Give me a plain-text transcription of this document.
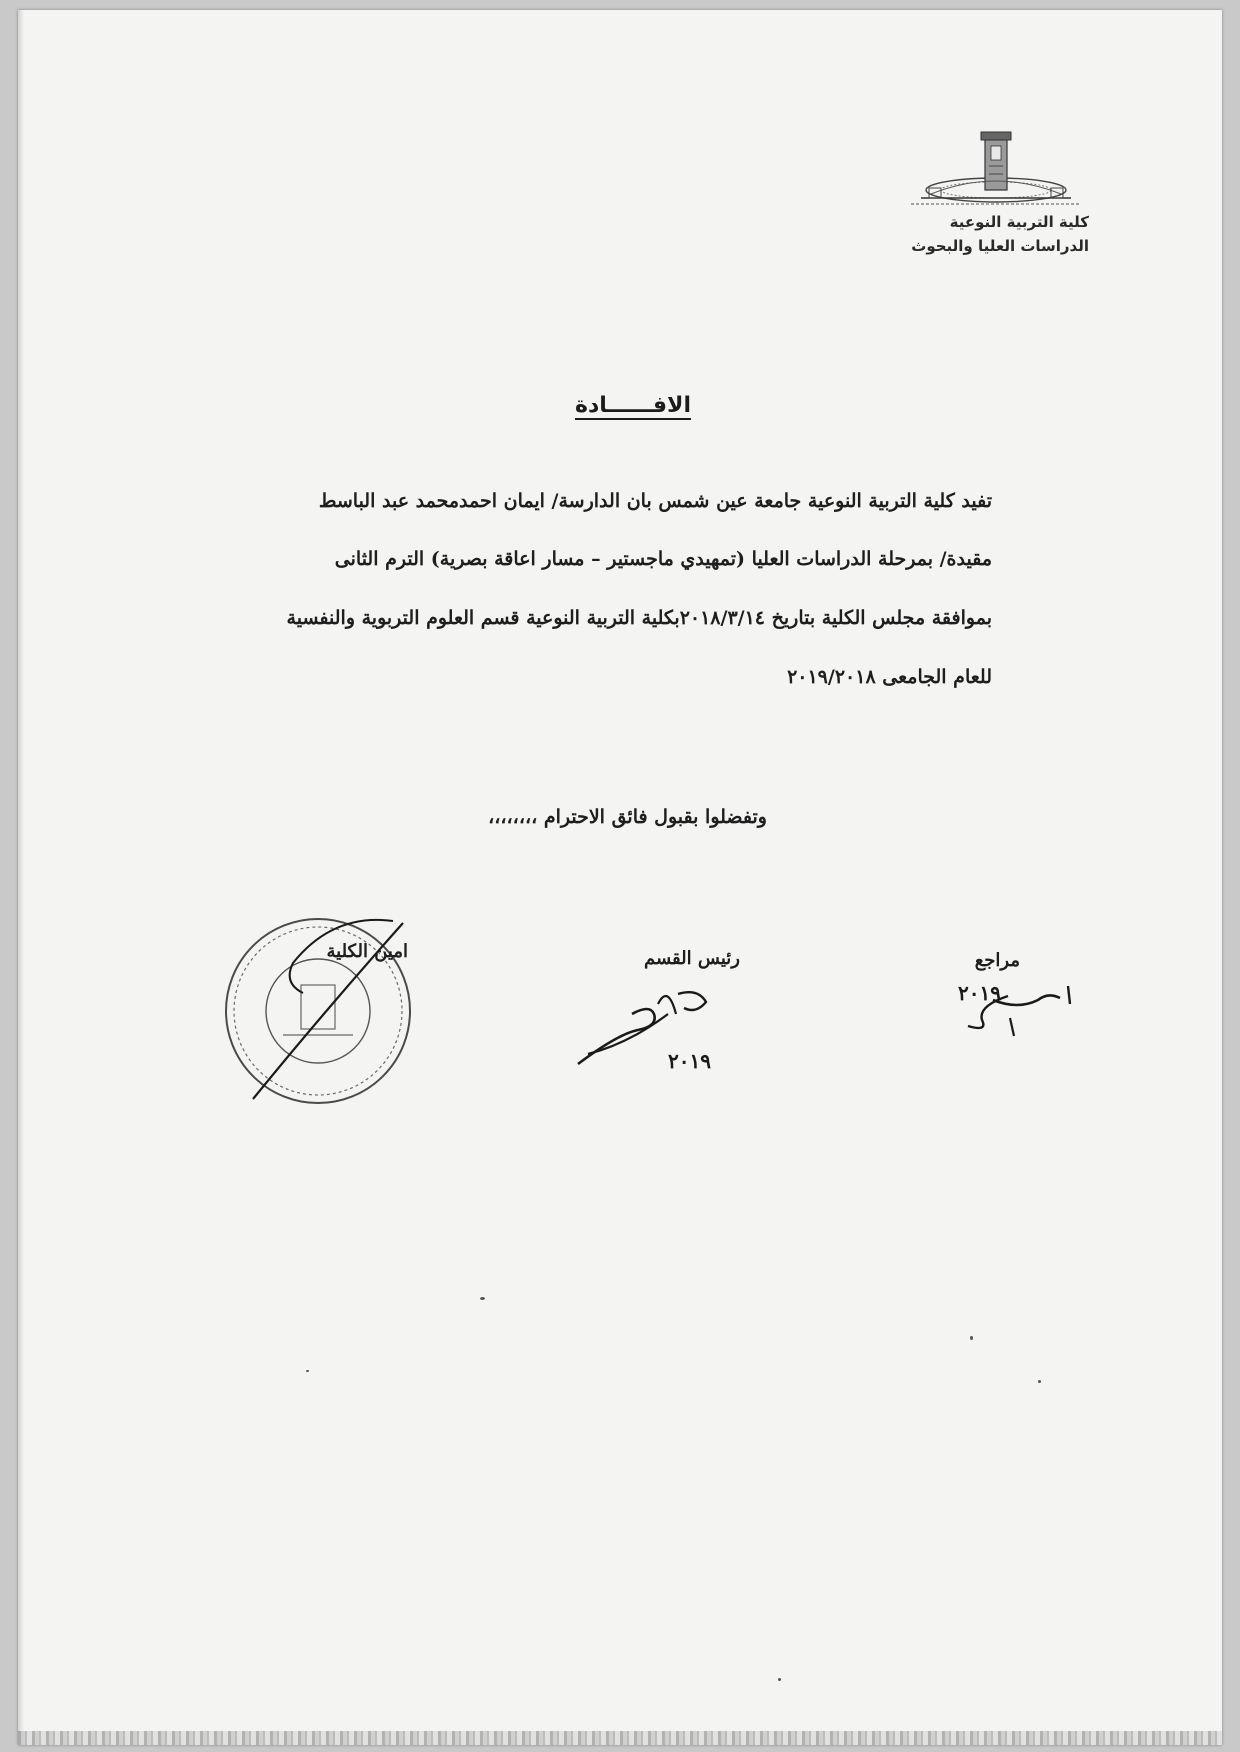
كلية التربية النوعية
الدراسات العليا والبحوث
الافــــــادة
تفيد كلية التربية النوعية جامعة عين شمس بان الدارسة/ ايمان احمدمحمد عبد الباسط
مقيدة/ بمرحلة الدراسات العليا (تمهيدي ماجستير – مسار اعاقة بصرية) الترم الثانى
بموافقة مجلس الكلية بتاريخ ٢٠١٨/٣/١٤بكلية التربية النوعية قسم العلوم التربوية والنفسية
للعام الجامعى ٢٠١٩/٢٠١٨
وتفضلوا بقبول فائق الاحترام ،،،،،،،،
مراجع
٢٠١٩
رئيس القسم
٢٠١٩
امين الكلية
